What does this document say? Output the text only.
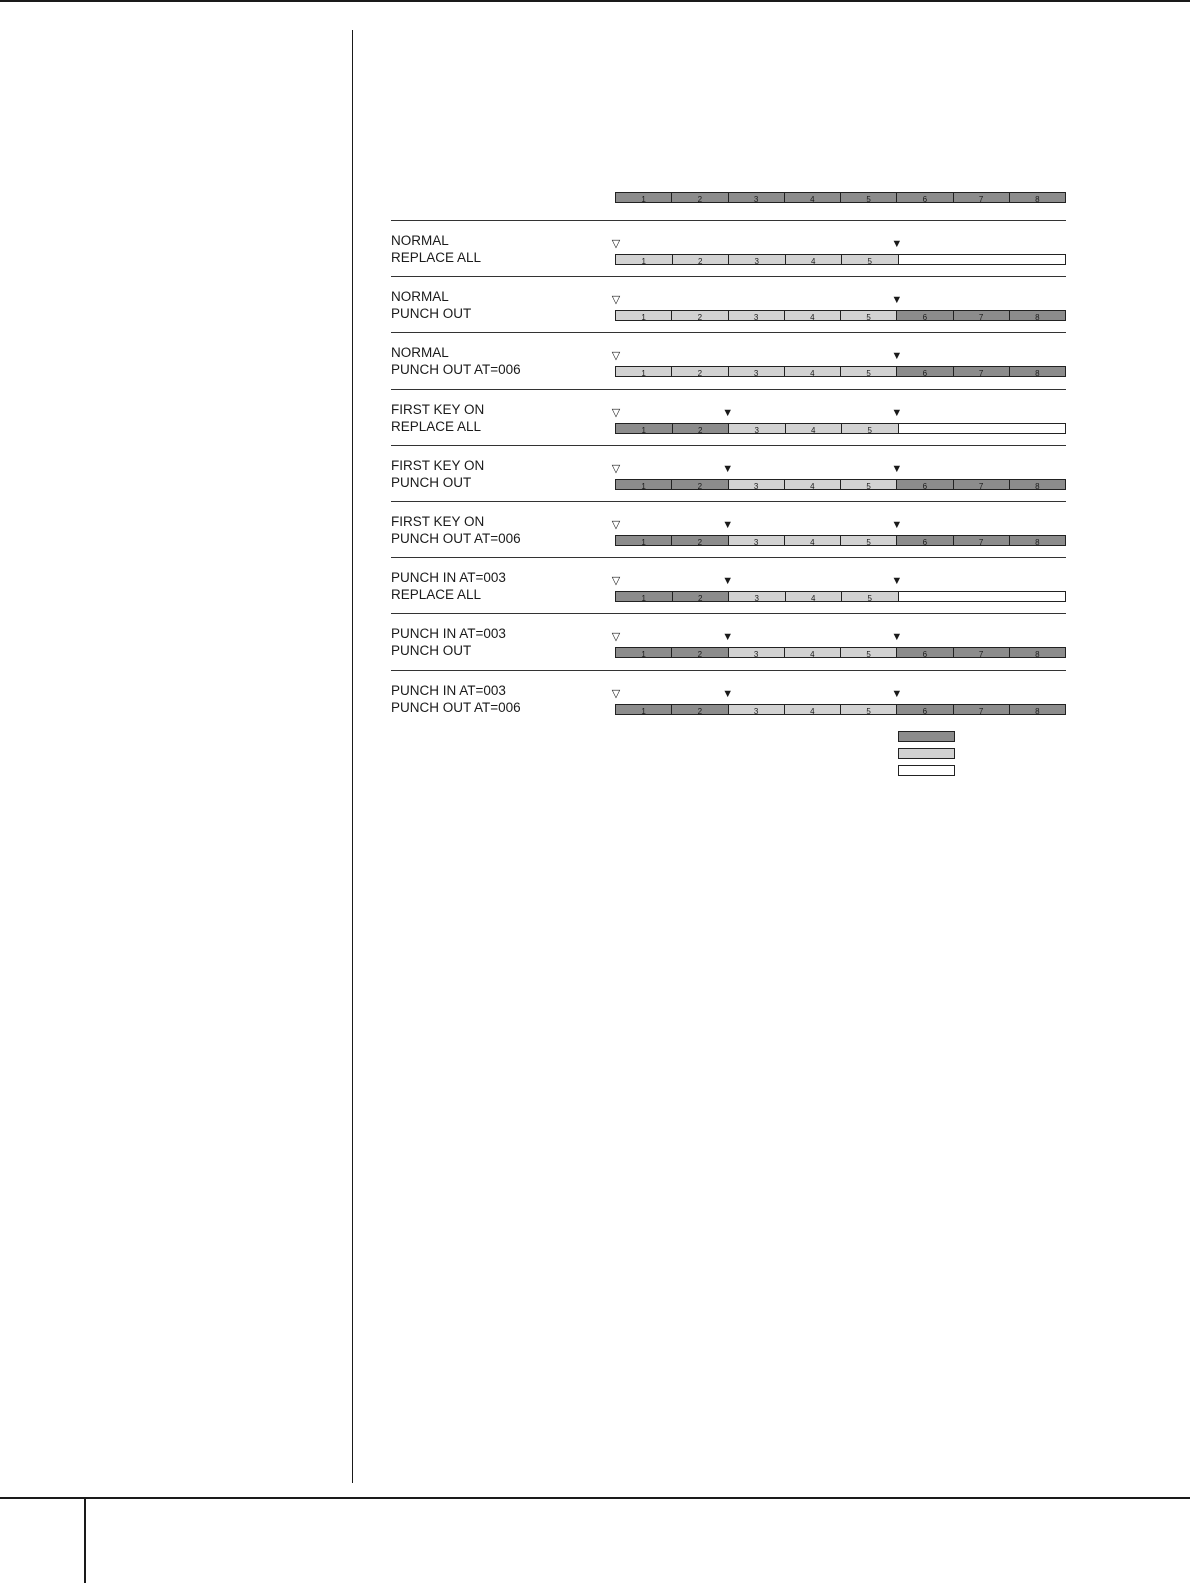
1	2	3	4	5	6	7	8
NORMAL
REPLACE ALL
▽	▼
1	2	3	4	5
NORMAL
PUNCH OUT
▽	▼
1	2	3	4	5	6	7	8
NORMAL
PUNCH OUT AT=006
▽	▼
1	2	3	4	5	6	7	8
FIRST KEY ON
REPLACE ALL
▽	▼	▼
1	2	3	4	5
FIRST KEY ON
PUNCH OUT
▽	▼	▼
1	2	3	4	5	6	7	8
FIRST KEY ON
PUNCH OUT AT=006
▽	▼	▼
1	2	3	4	5	6	7	8
PUNCH IN AT=003
REPLACE ALL
▽	▼	▼
1	2	3	4	5
PUNCH IN AT=003
PUNCH OUT
▽	▼	▼
1	2	3	4	5	6	7	8
PUNCH IN AT=003
PUNCH OUT AT=006
▽	▼	▼
1	2	3	4	5	6	7	8
